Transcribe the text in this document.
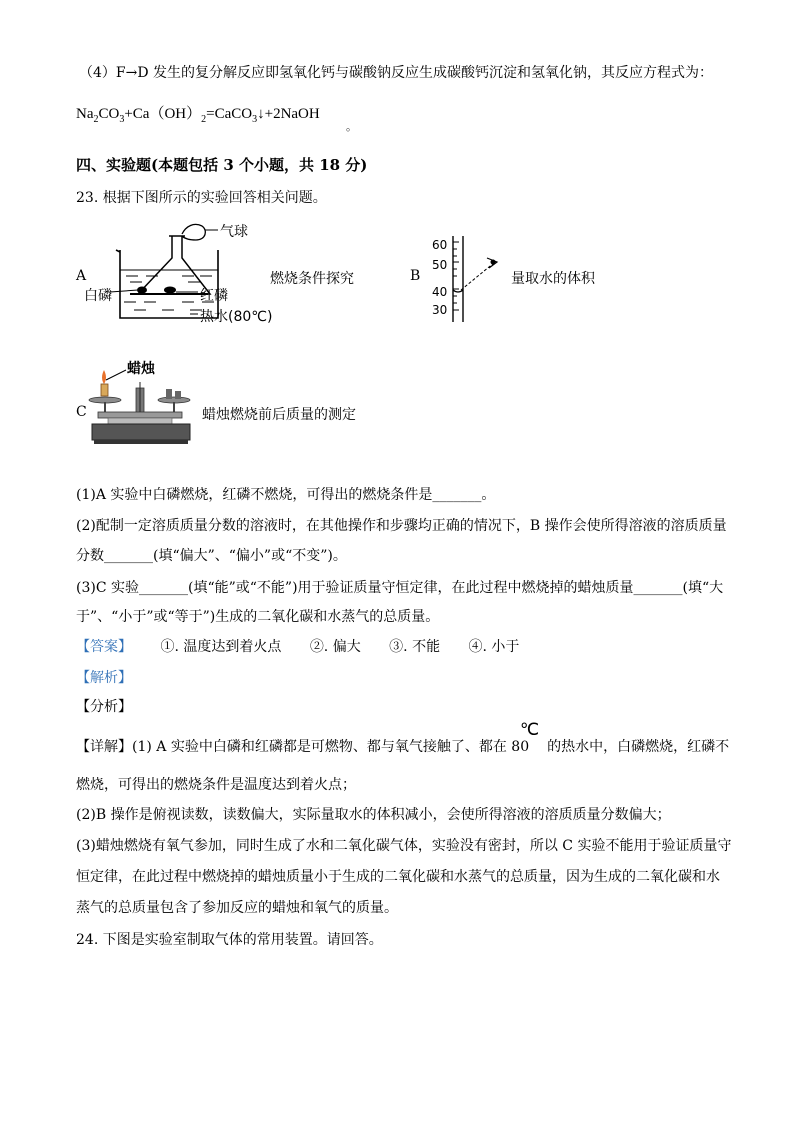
（4）F→D 发生的复分解反应即氢氧化钙与碳酸钠反应生成碳酸钙沉淀和氢氧化钠，其反应方程式为：
$Na_2CO_3+Ca(OH)_2=CaCO_3↓+2NaOH$
。
四、实验题(本题包括 3 个小题，共 18 分)
23. 根据下图所示的实验回答相关问题。
A
气球
白磷	红磷
热水(80℃)
燃烧条件探究	B
60
50
40
30
量取水的体积
C
蜡烛
蜡烛燃烧前后质量的测定
(1)A 实验中白磷燃烧，红磷不燃烧，可得出的燃烧条件是_______。
(2)配制一定溶质质量分数的溶液时，在其他操作和步骤均正确的情况下，B 操作会使所得溶液的溶质质量
分数_______(填“偏大”、“偏小”或“不变”)。
(3)C 实验_______(填“能”或“不能”)用于验证质量守恒定律，在此过程中燃烧掉的蜡烛质量_______(填“大
于”、“小于”或“等于”)生成的二氧化碳和水蒸气的总质量。
【答案】 ①. 温度达到着火点 ②. 偏大 ③. 不能 ④. 小于
【解析】
【分析】
【详解】(1) A 实验中白磷和红磷都是可燃物、都与氧气接触了、都在 80 的热水中，白磷燃烧，红磷不
℃
燃烧，可得出的燃烧条件是温度达到着火点；
(2)B 操作是俯视读数，读数偏大，实际量取水的体积减小，会使所得溶液的溶质质量分数偏大；
(3)蜡烛燃烧有氧气参加，同时生成了水和二氧化碳气体，实验没有密封，所以 C 实验不能用于验证质量守
恒定律，在此过程中燃烧掉的蜡烛质量小于生成的二氧化碳和水蒸气的总质量，因为生成的二氧化碳和水
蒸气的总质量包含了参加反应的蜡烛和氧气的质量。
24. 下图是实验室制取气体的常用装置。请回答。
